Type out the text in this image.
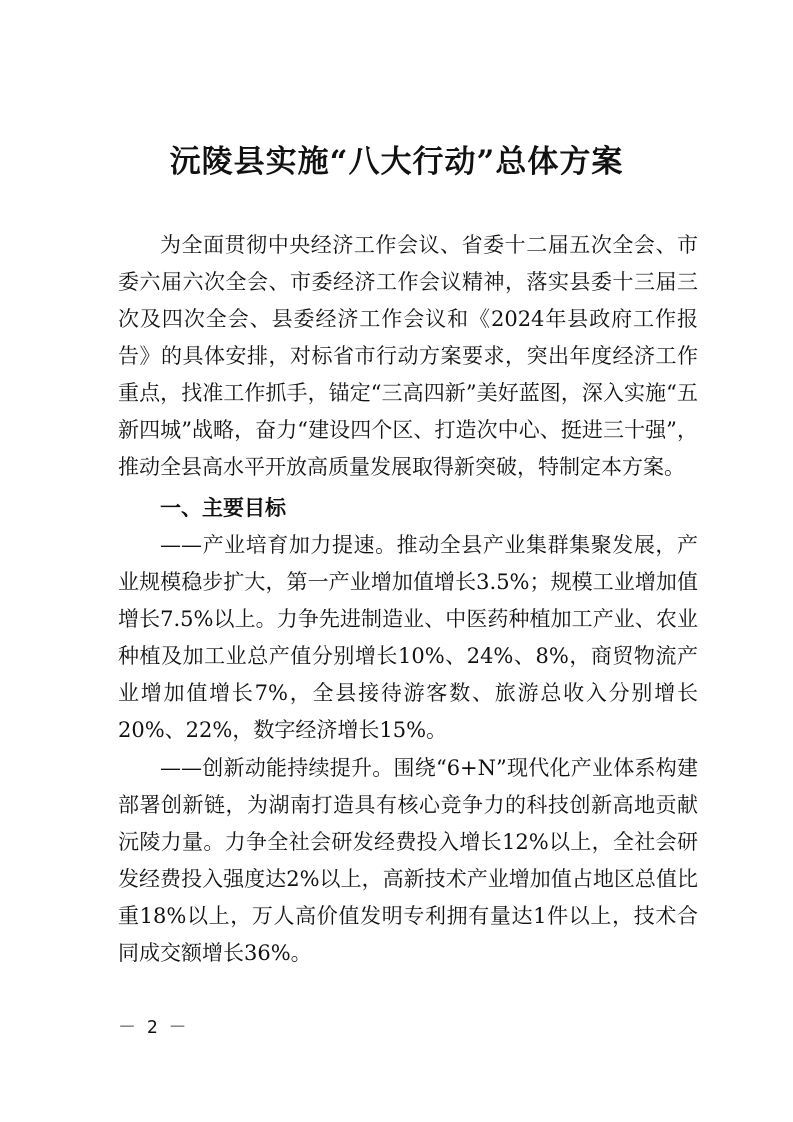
沅陵县实施“八大行动”总体方案

为全面贯彻中央经济工作会议、省委十二届五次全会、市委六届六次全会、市委经济工作会议精神，落实县委十三届三次及四次全会、县委经济工作会议和《2024年县政府工作报告》的具体安排，对标省市行动方案要求，突出年度经济工作重点，找准工作抓手，锚定“三高四新”美好蓝图，深入实施“五新四城”战略，奋力“建设四个区、打造次中心、挺进三十强”，推动全县高水平开放高质量发展取得新突破，特制定本方案。

一、主要目标

——产业培育加力提速。推动全县产业集群集聚发展，产业规模稳步扩大，第一产业增加值增长3.5%；规模工业增加值增长7.5%以上。力争先进制造业、中医药种植加工产业、农业种植及加工业总产值分别增长10%、24%、8%，商贸物流产业增加值增长7%，全县接待游客数、旅游总收入分别增长20%、22%，数字经济增长15%。

——创新动能持续提升。围绕“6+N”现代化产业体系构建部署创新链，为湖南打造具有核心竞争力的科技创新高地贡献沅陵力量。力争全社会研发经费投入增长12%以上，全社会研发经费投入强度达2%以上，高新技术产业增加值占地区总值比重18%以上，万人高价值发明专利拥有量达1件以上，技术合同成交额增长36%。

－ 2 －
